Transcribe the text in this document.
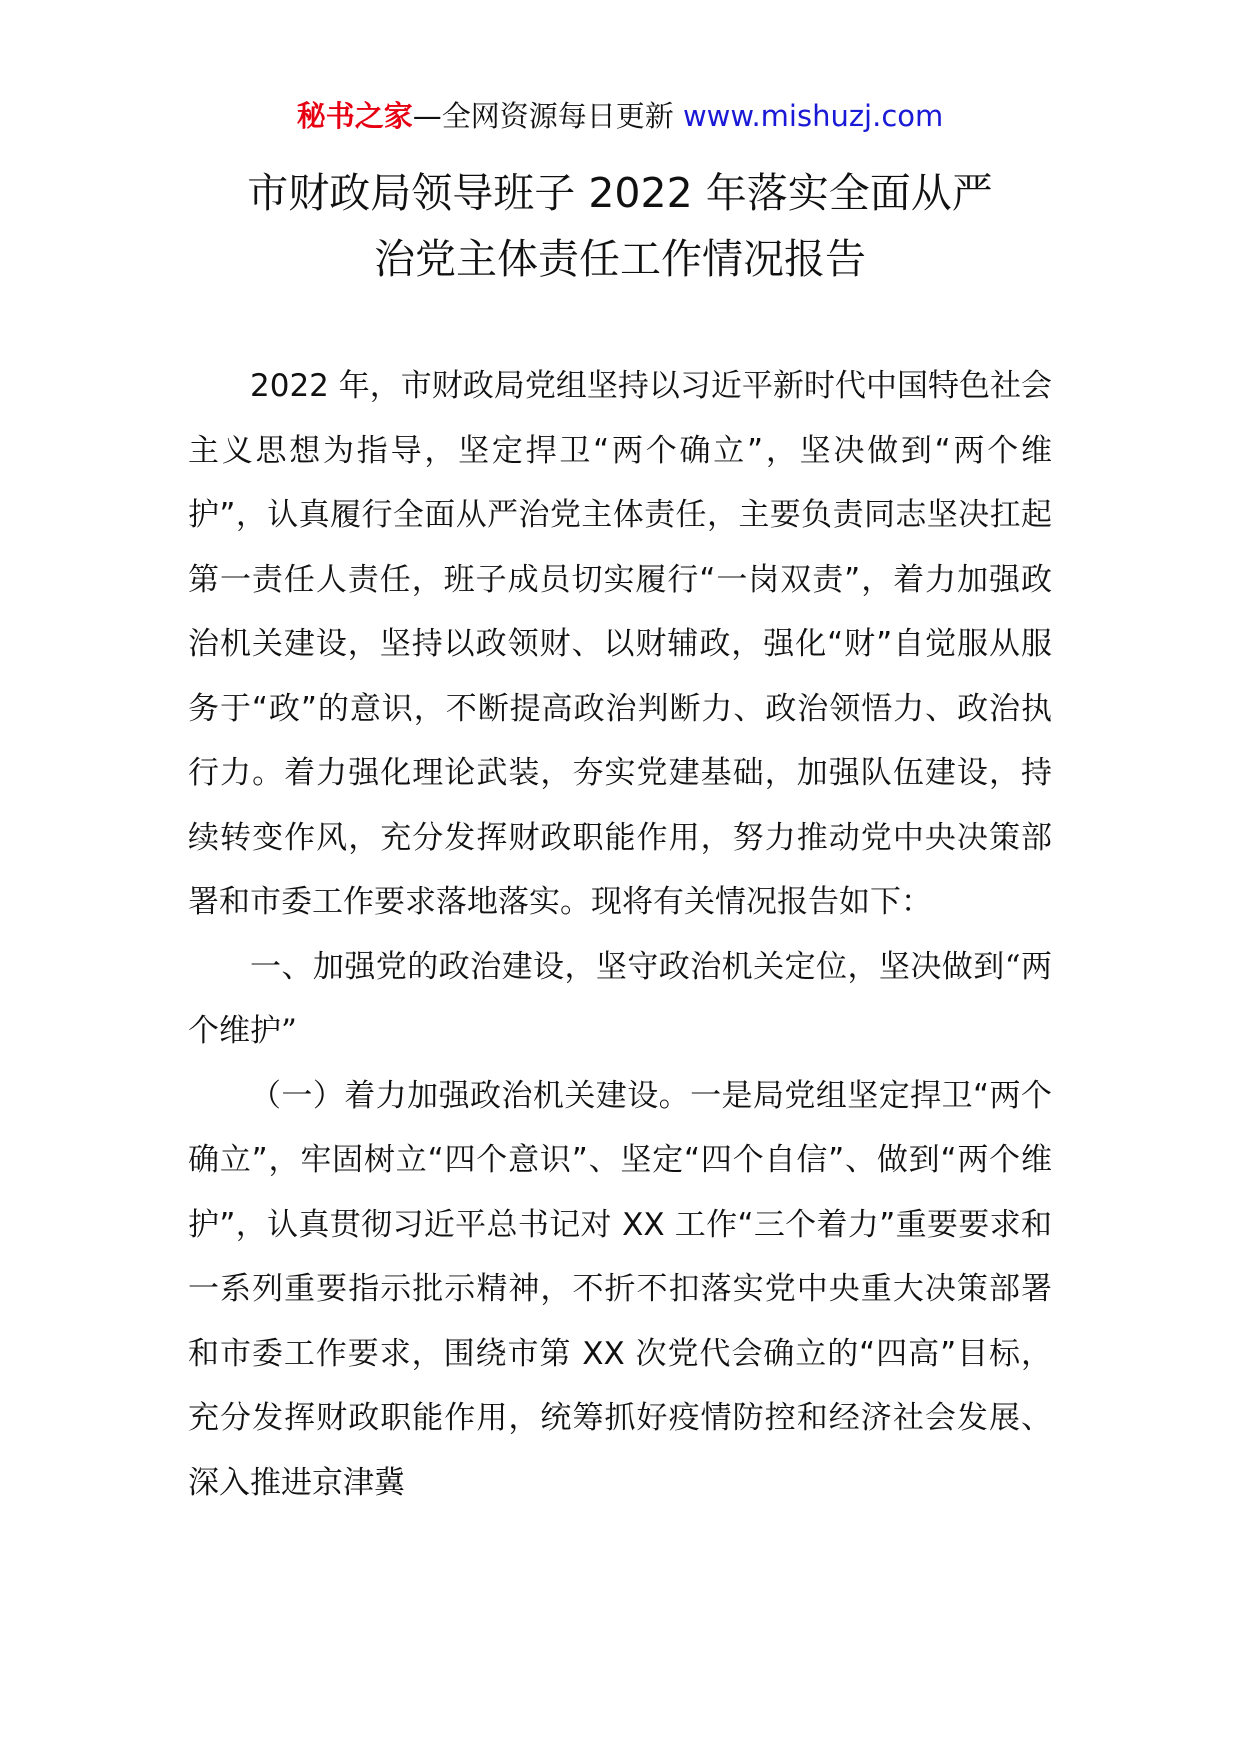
秘书之家—全网资源每日更新 www.mishuzj.com
市财政局领导班子 2022 年落实全面从严
治党主体责任工作情况报告

2022 年，市财政局党组坚持以习近平新时代中国特色社会主义思想为指导，坚定捍卫“两个确立”，坚决做到“两个维护”，认真履行全面从严治党主体责任，主要负责同志坚决扛起第一责任人责任，班子成员切实履行“一岗双责”，着力加强政治机关建设，坚持以政领财、以财辅政，强化“财”自觉服从服务于“政”的意识，不断提高政治判断力、政治领悟力、政治执行力。着力强化理论武装，夯实党建基础，加强队伍建设，持续转变作风，充分发挥财政职能作用，努力推动党中央决策部署和市委工作要求落地落实。现将有关情况报告如下：

一、加强党的政治建设，坚守政治机关定位，坚决做到“两个维护”

（一）着力加强政治机关建设。一是局党组坚定捍卫“两个确立”，牢固树立“四个意识”、坚定“四个自信”、做到“两个维护”，认真贯彻习近平总书记对 XX 工作“三个着力”重要要求和一系列重要指示批示精神，不折不扣落实党中央重大决策部署和市委工作要求，围绕市第 XX 次党代会确立的“四高”目标，充分发挥财政职能作用，统筹抓好疫情防控和经济社会发展、深入推进京津冀
